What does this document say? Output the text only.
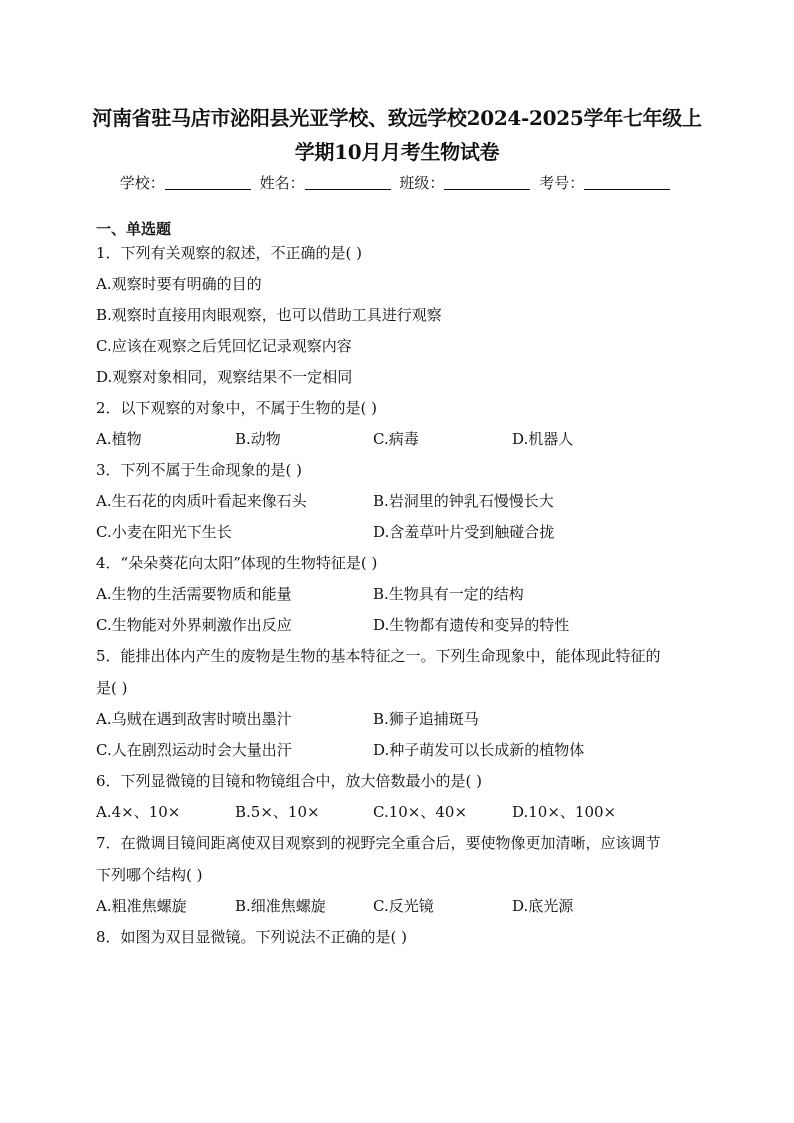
河南省驻马店市泌阳县光亚学校、致远学校2024-2025学年七年级上
学期10月月考生物试卷
学校：	姓名：	班级：	考号：
一、单选题
1．下列有关观察的叙述，不正确的是( )
A.观察时要有明确的目的
B.观察时直接用肉眼观察，也可以借助工具进行观察
C.应该在观察之后凭回忆记录观察内容
D.观察对象相同，观察结果不一定相同
2．以下观察的对象中，不属于生物的是( )
A.植物	B.动物	C.病毒	D.机器人
3．下列不属于生命现象的是( )
A.生石花的肉质叶看起来像石头	B.岩洞里的钟乳石慢慢长大
C.小麦在阳光下生长	D.含羞草叶片受到触碰合拢
4．“朵朵葵花向太阳”体现的生物特征是( )
A.生物的生活需要物质和能量	B.生物具有一定的结构
C.生物能对外界刺激作出反应	D.生物都有遗传和变异的特性
5．能排出体内产生的废物是生物的基本特征之一。下列生命现象中，能体现此特征的
是( )
A.乌贼在遇到敌害时喷出墨汁	B.狮子追捕斑马
C.人在剧烈运动时会大量出汗	D.种子萌发可以长成新的植物体
6．下列显微镜的目镜和物镜组合中，放大倍数最小的是( )
A.4×、10×	B.5×、10×	C.10×、40×	D.10×、100×
7．在微调目镜间距离使双目观察到的视野完全重合后，要使物像更加清晰，应该调节
下列哪个结构( )
A.粗准焦螺旋	B.细准焦螺旋	C.反光镜	D.底光源
8．如图为双目显微镜。下列说法不正确的是( )
